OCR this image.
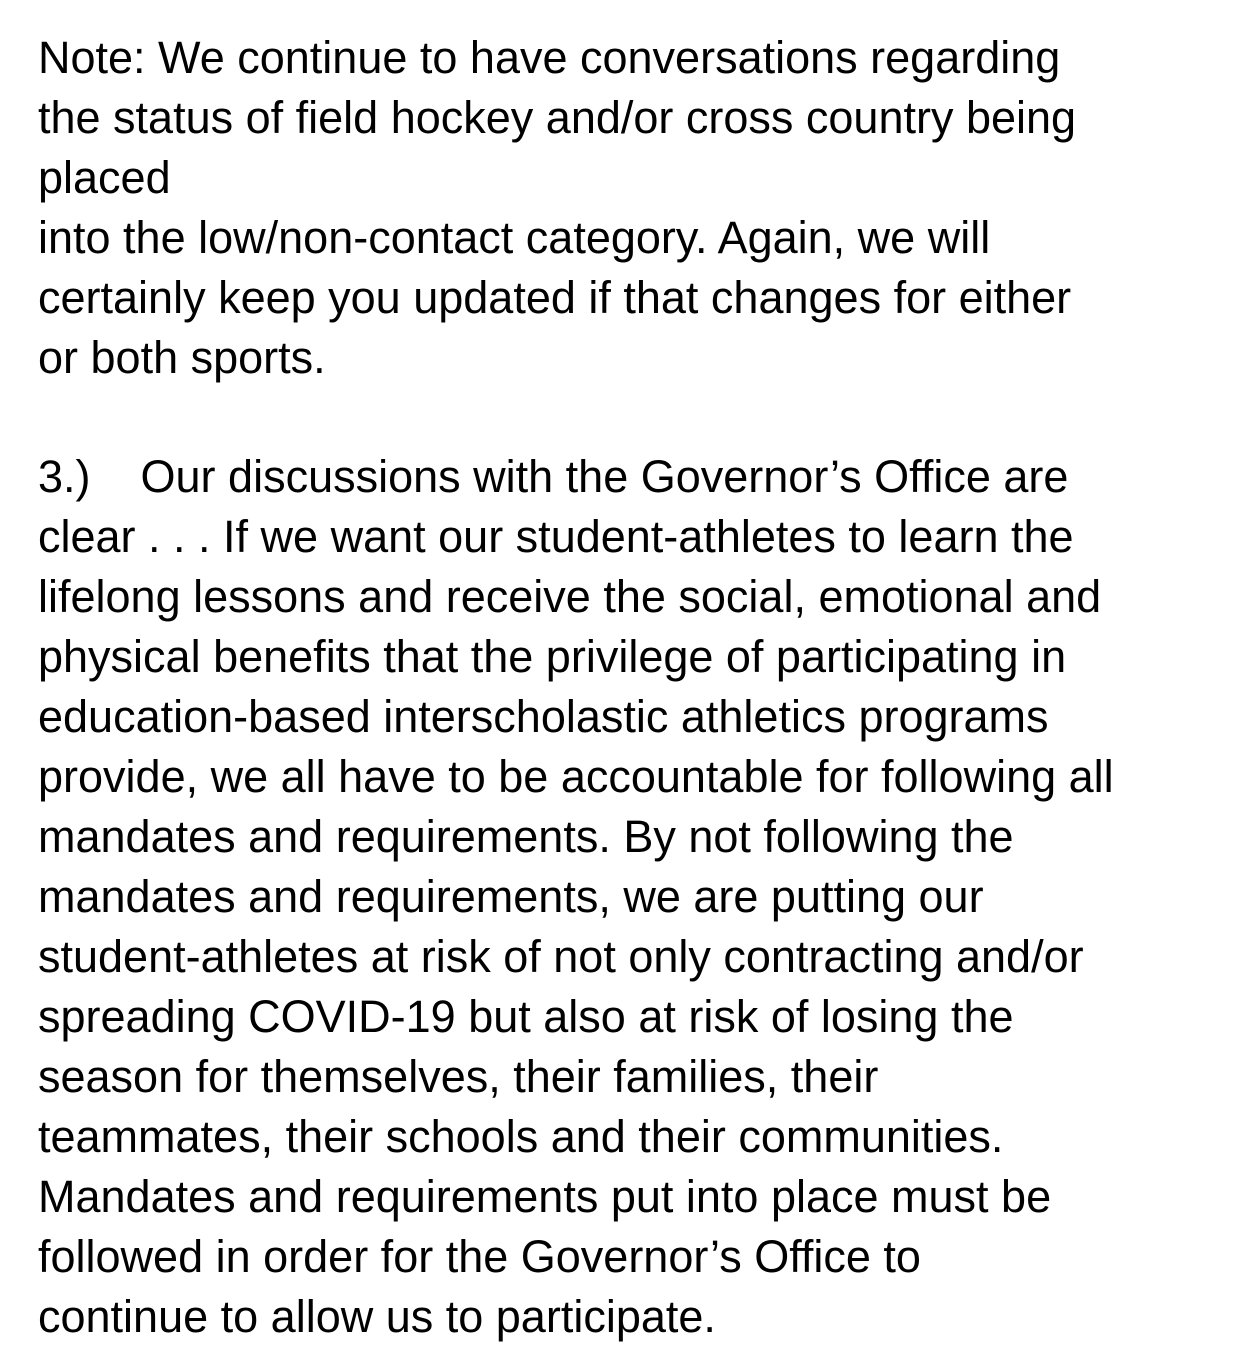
Note: We continue to have conversations regarding
the status of field hockey and/or cross country being
placed
into the low/non-contact category. Again, we will
certainly keep you updated if that changes for either
or both sports.
3.)    Our discussions with the Governor’s Office are
clear . . . If we want our student-athletes to learn the
lifelong lessons and receive the social, emotional and
physical benefits that the privilege of participating in
education-based interscholastic athletics programs
provide, we all have to be accountable for following all
mandates and requirements. By not following the
mandates and requirements, we are putting our
student-athletes at risk of not only contracting and/or
spreading COVID-19 but also at risk of losing the
season for themselves, their families, their
teammates, their schools and their communities.
Mandates and requirements put into place must be
followed in order for the Governor’s Office to
continue to allow us to participate.
